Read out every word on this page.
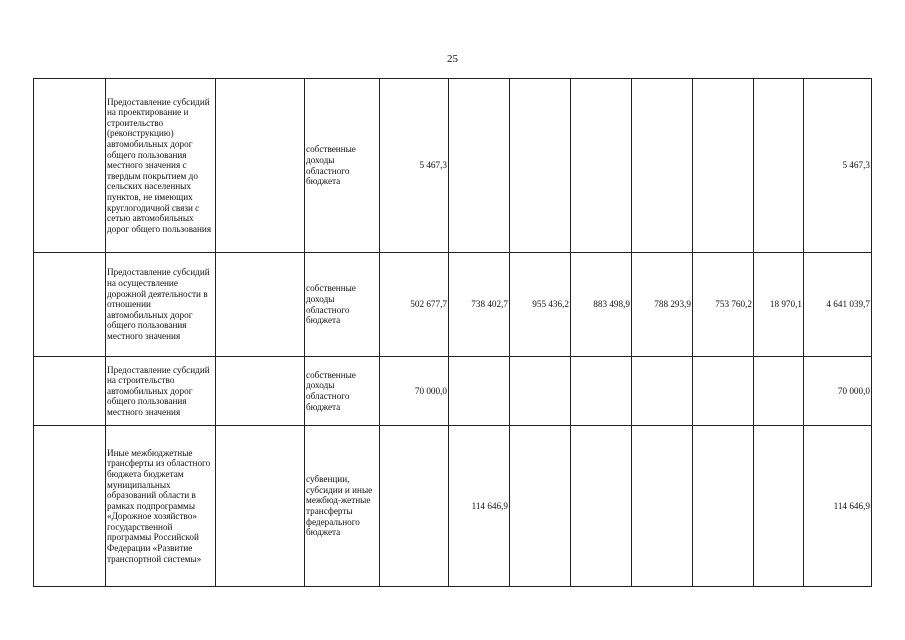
25
	Предоставление субсидий на проектирование и строительство (реконструкцию) автомобильных дорог общего пользования местного значения с твердым покрытием до сельских населенных пунктов, не имеющих круглогодичной связи с сетью автомобильных дорог общего пользования		собственные доходы областного бюджета	5 467,3							5 467,3
	Предоставление субсидий на осуществление дорожной деятельности в отношении автомобильных дорог общего пользования местного значения		собственные доходы областного бюджета	502 677,7	738 402,7	955 436,2	883 498,9	788 293,9	753 760,2	18 970,1	4 641 039,7
	Предоставление субсидий на строительство автомобильных дорог общего пользования местного значения		собственные доходы областного бюджета	70 000,0							70 000,0
	Иные межбюджетные трансферты из областного бюджета бюджетам муниципальных образований области в рамках подпрограммы «Дорожное хозяйство» государственной программы Российской Федерации «Развитие транспортной системы»		субвенции, субсидии и иные межбюд-жетные трансферты федерального бюджета		114 646,9						114 646,9
